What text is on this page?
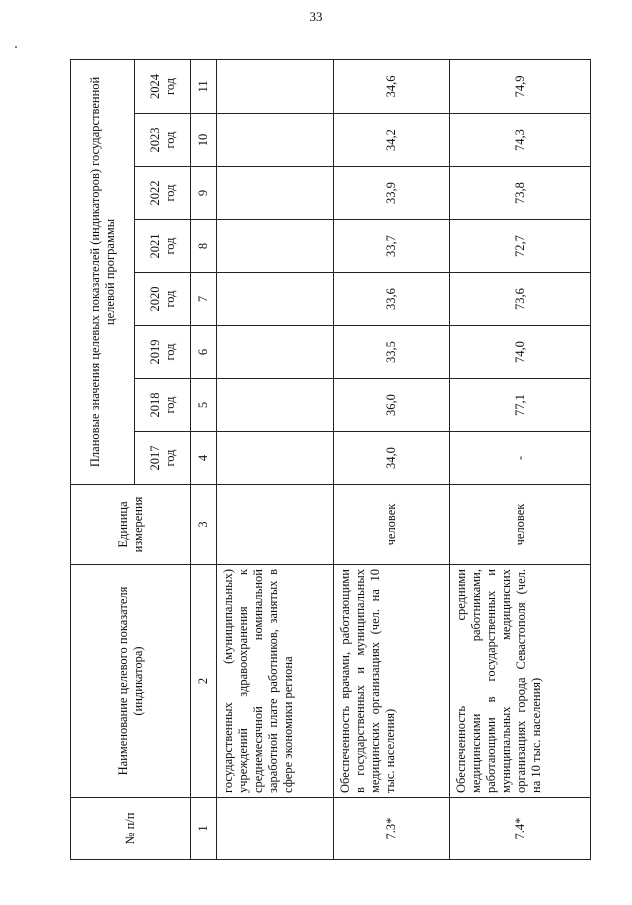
33
№ п/п	Наименование целевого показателя (индикатора)	Единица измерения	Плановые значения целевых показателей (индикаторов) государственной целевой программы							
			2017 год	2018 год	2019 год	2020 год	2021 год	2022 год	2023 год	2024 год
1	2	3	4	5	6	7	8	9	10	11
	государственных (муниципальных) учреждений здравоохранения к среднемесячной номинальной заработной плате работников, занятых в сфере экономики региона									
7.3*	Обеспеченность врачами, работающими в государственных и муниципальных медицинских организациях (чел. на 10 тыс. населения)	человек	34,0	36,0	33,5	33,6	33,7	33,9	34,2	34,6
7.4*	Обеспеченность средними медицинскими работниками, работающими в государственных и муниципальных медицинских организациях города Севастополя (чел. на 10 тыс. населения)	человек	-	77,1	74,0	73,6	72,7	73,8	74,3	74,9
